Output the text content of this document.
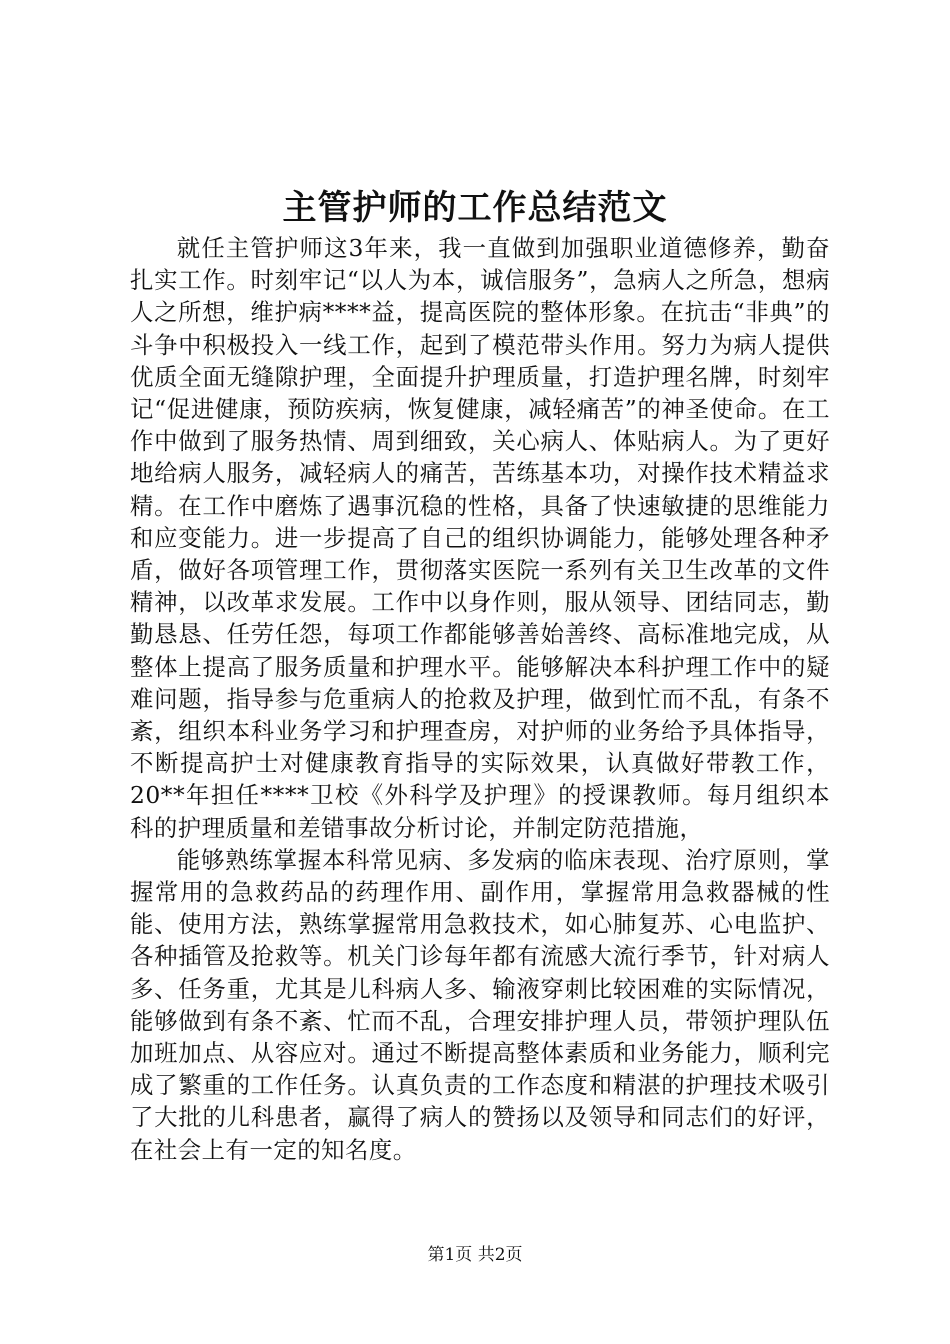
主管护师的工作总结范文

就任主管护师这3年来，我一直做到加强职业道德修养，勤奋扎实工作。时刻牢记“以人为本，诚信服务”，急病人之所急，想病人之所想，维护病****益，提高医院的整体形象。在抗击“非典”的斗争中积极投入一线工作，起到了模范带头作用。努力为病人提供优质全面无缝隙护理，全面提升护理质量，打造护理名牌，时刻牢记“促进健康，预防疾病，恢复健康，减轻痛苦”的神圣使命。在工作中做到了服务热情、周到细致，关心病人、体贴病人。为了更好地给病人服务，减轻病人的痛苦，苦练基本功，对操作技术精益求精。在工作中磨炼了遇事沉稳的性格，具备了快速敏捷的思维能力和应变能力。进一步提高了自己的组织协调能力，能够处理各种矛盾，做好各项管理工作，贯彻落实医院一系列有关卫生改革的文件精神，以改革求发展。工作中以身作则，服从领导、团结同志，勤勤恳恳、任劳任怨，每项工作都能够善始善终、高标准地完成，从整体上提高了服务质量和护理水平。能够解决本科护理工作中的疑难问题，指导参与危重病人的抢救及护理，做到忙而不乱，有条不紊，组织本科业务学习和护理查房，对护师的业务给予具体指导，不断提高护士对健康教育指导的实际效果，认真做好带教工作，20**年担任****卫校《外科学及护理》的授课教师。每月组织本科的护理质量和差错事故分析讨论，并制定防范措施，

能够熟练掌握本科常见病、多发病的临床表现、治疗原则，掌握常用的急救药品的药理作用、副作用，掌握常用急救器械的性能、使用方法，熟练掌握常用急救技术，如心肺复苏、心电监护、各种插管及抢救等。机关门诊每年都有流感大流行季节，针对病人多、任务重，尤其是儿科病人多、输液穿刺比较困难的实际情况，能够做到有条不紊、忙而不乱，合理安排护理人员，带领护理队伍加班加点、从容应对。通过不断提高整体素质和业务能力，顺利完成了繁重的工作任务。认真负责的工作态度和精湛的护理技术吸引了大批的儿科患者，赢得了病人的赞扬以及领导和同志们的好评，在社会上有一定的知名度。

第1页 共2页
